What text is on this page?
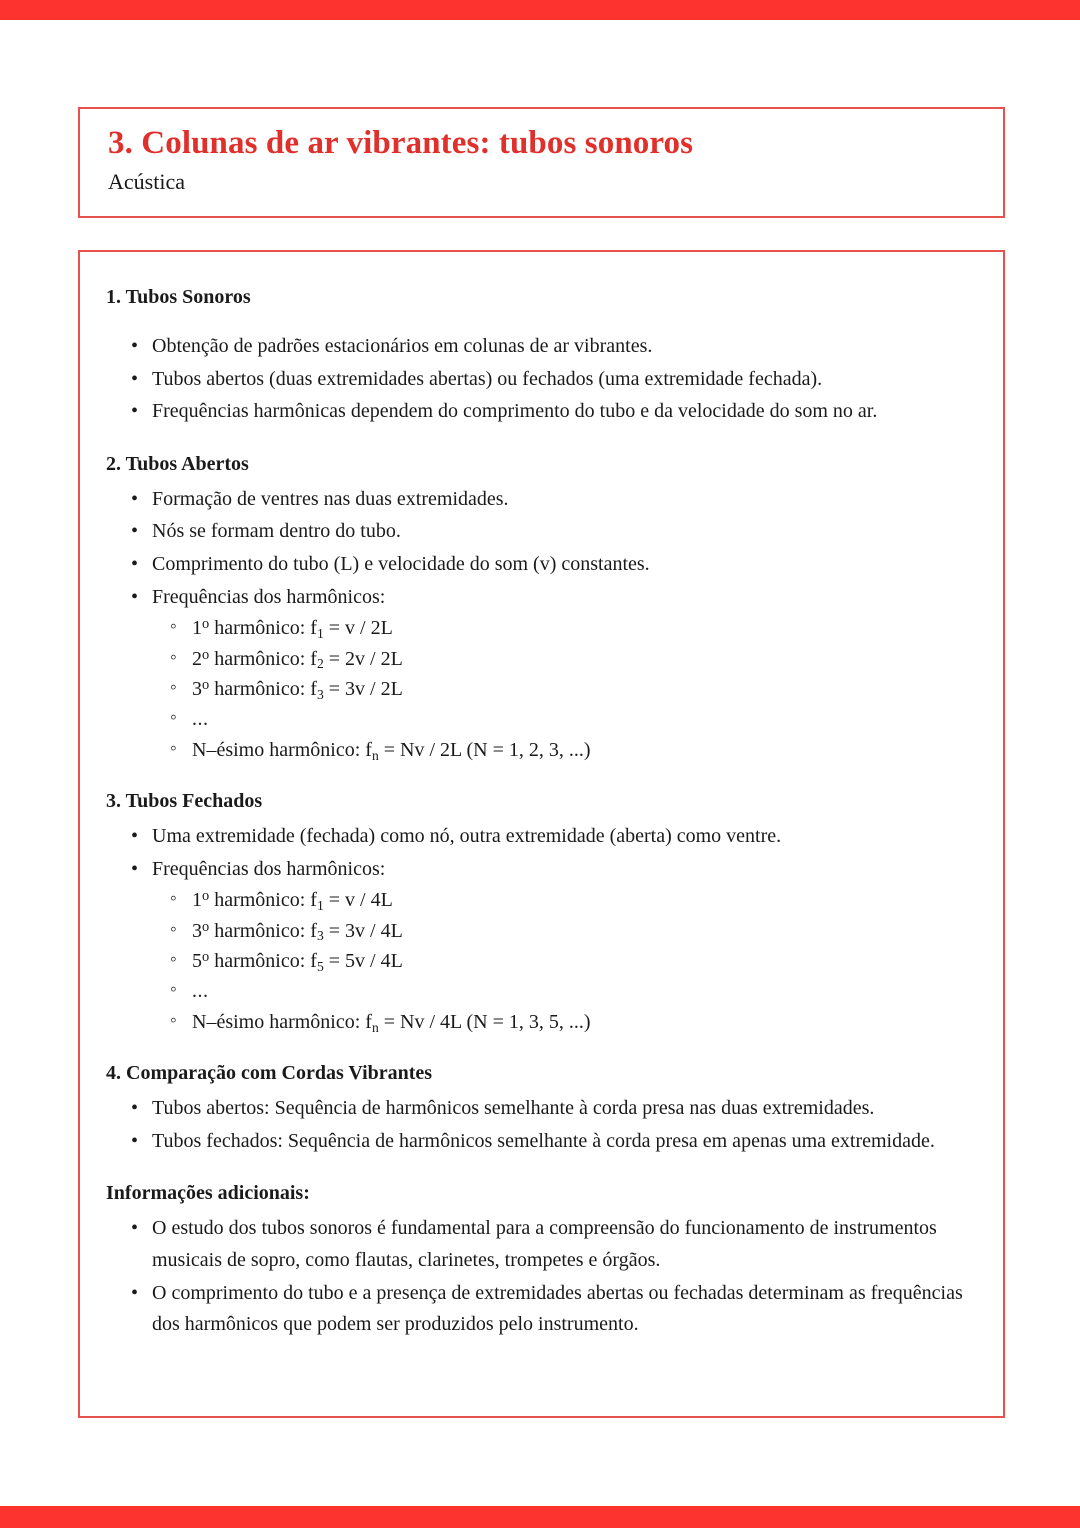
3. Colunas de ar vibrantes: tubos sonoros
Acústica
1. Tubos Sonoros
• Obtenção de padrões estacionários em colunas de ar vibrantes.
• Tubos abertos (duas extremidades abertas) ou fechados (uma extremidade fechada).
• Frequências harmônicas dependem do comprimento do tubo e da velocidade do som no ar.
2. Tubos Abertos
• Formação de ventres nas duas extremidades.
• Nós se formam dentro do tubo.
• Comprimento do tubo (L) e velocidade do som (v) constantes.
• Frequências dos harmônicos:
◦ 1$^o$ harmônico: $f_1 = v / 2L$
◦ 2$^o$ harmônico: $f_2 = 2v / 2L$
◦ 3$^o$ harmônico: $f_3 = 3v / 2L$
◦ ...
◦ N–ésimo harmônico: $f_n = Nv / 2L$ (N = 1, 2, 3, ...)
3. Tubos Fechados
• Uma extremidade (fechada) como nó, outra extremidade (aberta) como ventre.
• Frequências dos harmônicos:
◦ 1$^o$ harmônico: $f_1 = v / 4L$
◦ 3$^o$ harmônico: $f_3 = 3v / 4L$
◦ 5$^o$ harmônico: $f_5 = 5v / 4L$
◦ ...
◦ N–ésimo harmônico: $f_n = Nv / 4L$ (N = 1, 3, 5, ...)
4. Comparação com Cordas Vibrantes
• Tubos abertos: Sequência de harmônicos semelhante à corda presa nas duas extremidades.
• Tubos fechados: Sequência de harmônicos semelhante à corda presa em apenas uma extremidade.
Informações adicionais:
• O estudo dos tubos sonoros é fundamental para a compreensão do funcionamento de instrumentos musicais de sopro, como flautas, clarinetes, trompetes e órgãos.
• O comprimento do tubo e a presença de extremidades abertas ou fechadas determinam as frequências dos harmônicos que podem ser produzidos pelo instrumento.
